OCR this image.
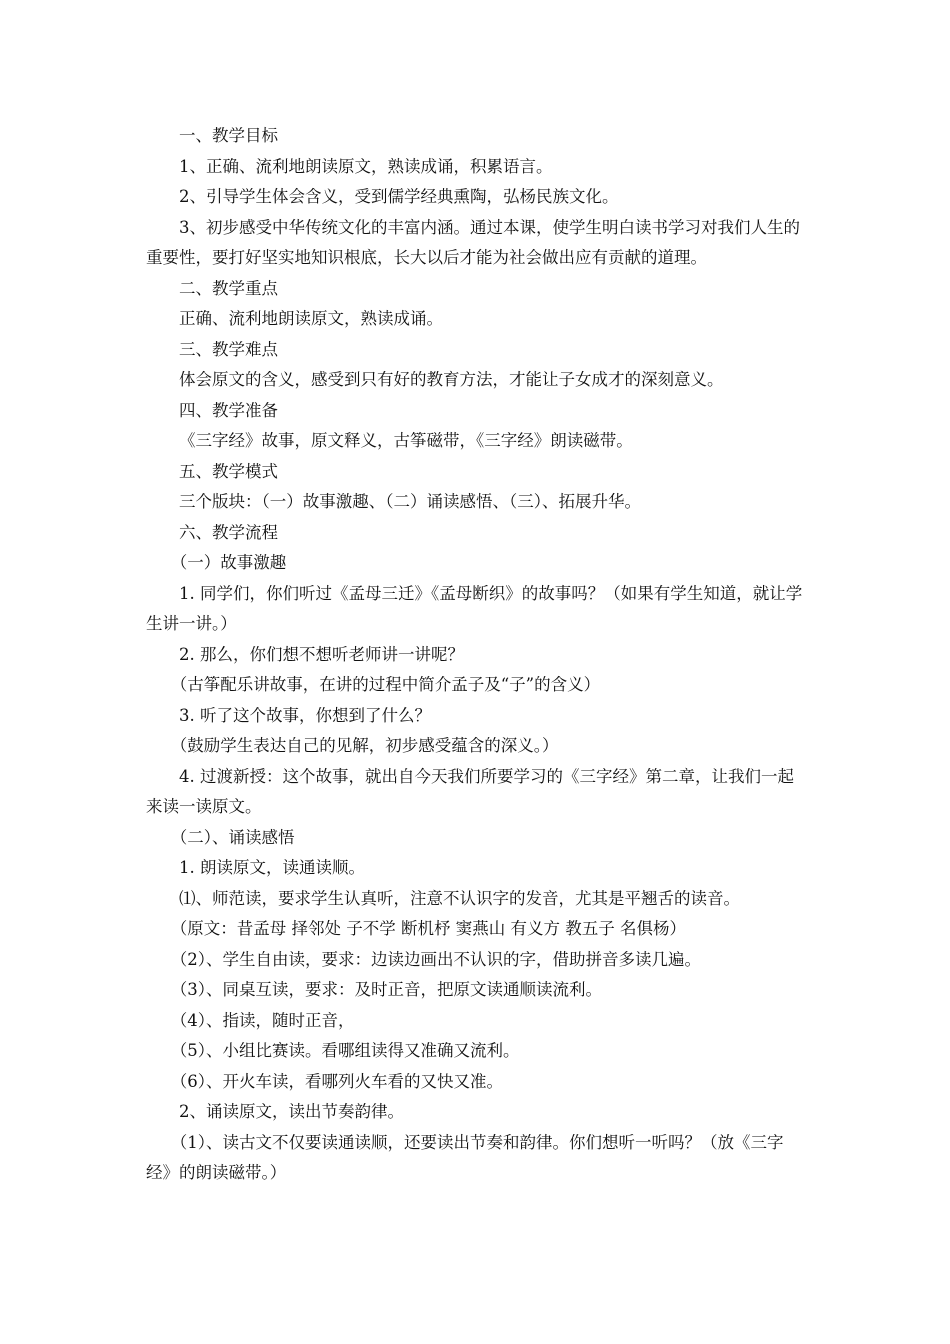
一、教学目标

1、正确、流利地朗读原文，熟读成诵，积累语言。

2、引导学生体会含义，受到儒学经典熏陶，弘杨民族文化。

3、初步感受中华传统文化的丰富内涵。通过本课，使学生明白读书学习对我们人生的重要性，要打好坚实地知识根底，长大以后才能为社会做出应有贡献的道理。

二、教学重点

正确、流利地朗读原文，熟读成诵。

三、教学难点

体会原文的含义，感受到只有好的教育方法，才能让子女成才的深刻意义。

四、教学准备

《三字经》故事，原文释义，古筝磁带，《三字经》朗读磁带。

五、教学模式

三个版块：（一）故事激趣、（二）诵读感悟、（三）、拓展升华。

六、教学流程

（一）故事激趣

1. 同学们，你们听过《孟母三迁》《孟母断织》的故事吗？（如果有学生知道，就让学生讲一讲。）

2. 那么，你们想不想听老师讲一讲呢？

（古筝配乐讲故事，在讲的过程中简介孟子及“子”的含义）

3. 听了这个故事，你想到了什么？

（鼓励学生表达自己的见解，初步感受蕴含的深义。）

4. 过渡新授：这个故事，就出自今天我们所要学习的《三字经》第二章，让我们一起来读一读原文。

（二）、诵读感悟

1. 朗读原文，读通读顺。

⑴、师范读，要求学生认真听，注意不认识字的发音，尤其是平翘舌的读音。

（原文：昔孟母 择邻处 子不学 断机杼 窦燕山 有义方 教五子 名俱杨）

（2）、学生自由读，要求：边读边画出不认识的字，借助拼音多读几遍。

（3）、同桌互读，要求：及时正音，把原文读通顺读流利。

（4）、指读，随时正音，

（5）、小组比赛读。看哪组读得又准确又流利。

（6）、开火车读，看哪列火车看的又快又准。

2、诵读原文，读出节奏韵律。

（1）、读古文不仅要读通读顺，还要读出节奏和韵律。你们想听一听吗？（放《三字经》的朗读磁带。）
